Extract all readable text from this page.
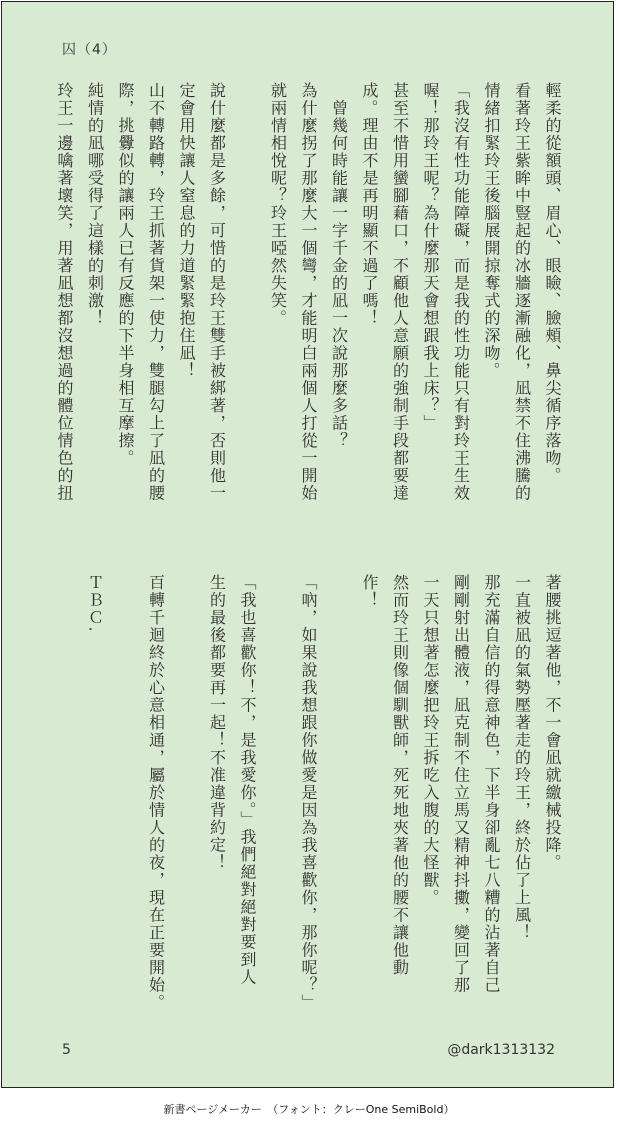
囚（4）
輕柔的從額頭、眉心、眼瞼、臉頰、鼻尖循序落吻。
看著玲王紫眸中豎起的冰牆逐漸融化，凪禁不住沸騰的
情緒扣緊玲王後腦展開掠奪式的深吻。
「我沒有性功能障礙，而是我的性功能只有對玲王生效
喔！那玲王呢？為什麼那天會想跟我上床？」
甚至不惜用蠻腳藉口，不顧他人意願的強制手段都要達
成。理由不是再明顯不過了嗎！
　曾幾何時能讓一字千金的凪一次說那麼多話？
為什麼拐了那麼大一個彎，才能明白兩個人打從一開始
就兩情相悅呢？玲王啞然失笑。
說什麼都是多餘，可惜的是玲王雙手被綁著，否則他一
定會用快讓人窒息的力道緊緊抱住凪！
山不轉路轉，玲王抓著貨架一使力，雙腿勾上了凪的腰
際，挑釁似的讓兩人已有反應的下半身相互摩擦。
純情的凪哪受得了這樣的刺激！
玲王一邊噙著壞笑，用著凪想都沒想過的體位情色的扭
著腰挑逗著他，不一會凪就繳械投降。
一直被凪的氣勢壓著走的玲王，終於佔了上風！
那充滿自信的得意神色，下半身卻亂七八糟的沾著自己
剛剛射出體液，凪克制不住立馬又精神抖擻，變回了那
一天只想著怎麼把玲王拆吃入腹的大怪獸。
然而玲王則像個馴獸師，死死地夾著他的腰不讓他動
作！
「吶，如果說我想跟你做愛是因為我喜歡你，那你呢？」
「我也喜歡你！不，是我愛你。」我們絕對絕對要到人
生的最後都要再一起！不准違背約定！
百轉千迴終於心意相通，屬於情人的夜，現在正要開始。
ＴＢＣ.
5	@dark1313132
新書ページメーカー　（フォント：クレーOne SemiBold）
